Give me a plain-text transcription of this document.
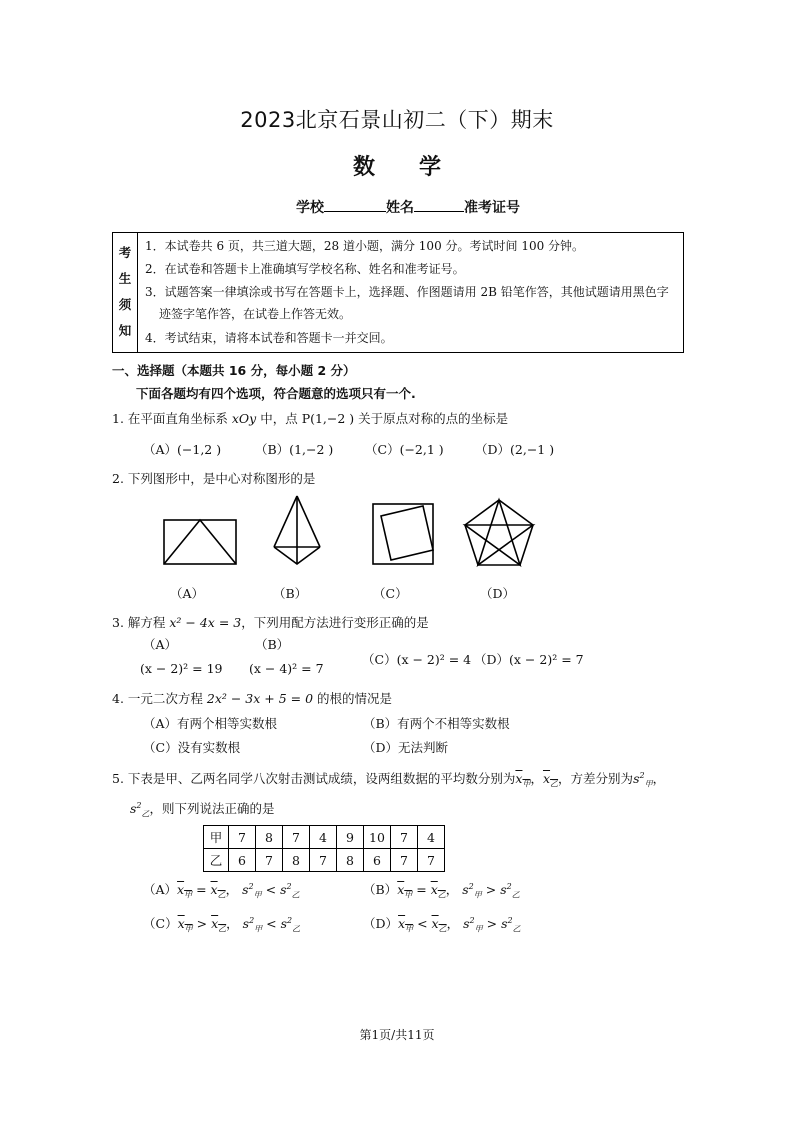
2023北京石景山初二（下）期末
数 学
学校	姓名	准考证号
考
生
须
知
1．本试卷共 6 页，共三道大题，28 道小题，满分 100 分。考试时间 100 分钟。
2．在试卷和答题卡上准确填写学校名称、姓名和准考证号。
3．试题答案一律填涂或书写在答题卡上，选择题、作图题请用 2B 铅笔作答，其他试题请用黑色字
迹签字笔作答，在试卷上作答无效。
4．考试结束，请将本试卷和答题卡一并交回。
一、选择题（本题共 16 分，每小题 2 分）
下面各题均有四个选项，符合题意的选项只有一个.
1. 在平面直角坐标系 xOy 中，点 P(1,−2 ) 关于原点对称的点的坐标是
（A）(−1,2 )	（B）(1,−2 )	（C）(−2,1 )	（D）(2,−1 )
2. 下列图形中，是中心对称图形的是
（A）	（B）	（C）	（D）
3. 解方程 x² − 4x = 3，下列用配方法进行变形正确的是
（A）
(x − 2)² = 19
（B）
(x − 4)² = 7
（C）(x − 2)² = 4 （D）(x − 2)² = 7
4. 一元二次方程 2x² − 3x + 5 = 0 的根的情况是
（A）有两个相等实数根	（B）有两个不相等实数根
（C）没有实数根	（D）无法判断
5. 下表是甲、乙两名同学八次射击测试成绩，设两组数据的平均数分别为$x_甲$，$x_乙$，方差分别为$s^2_甲$，
$s^2_乙$，则下列说法正确的是
甲	7	8	7	4	9	10	7	4
乙	6	7	8	7	8	6	7	7
$(A)x_甲 = x_乙$， $s^2_甲 < s^2_乙$	$(B)x_甲 = x_乙$， $s^2_甲 > s^2_乙$
$(C)x_甲 > x_乙$， $s^2_甲 < s^2_乙$	$(D)x_甲 < x_乙$， $s^2_甲 > s^2_乙$
第1页/共11页
